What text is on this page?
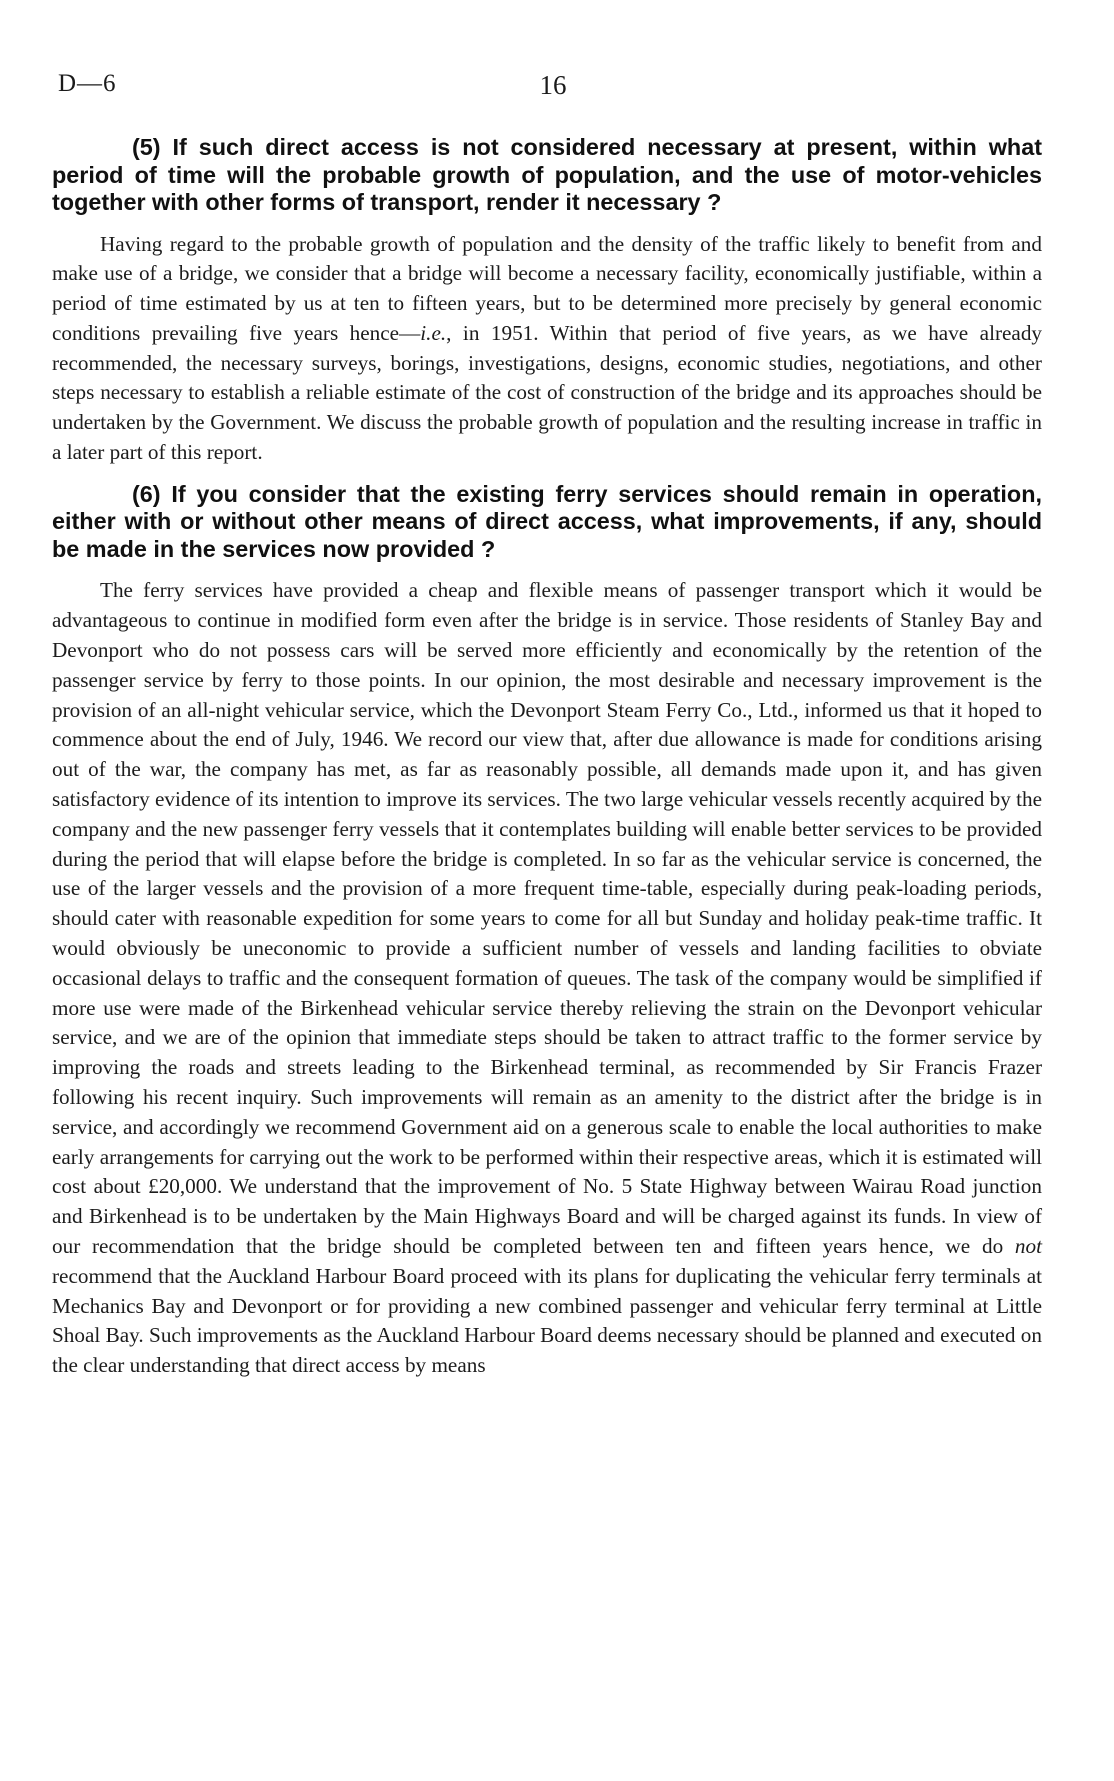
D—6	16

(5) If such direct access is not considered necessary at present, within what period of time will the probable growth of population, and the use of motor-vehicles together with other forms of transport, render it necessary ?

Having regard to the probable growth of population and the density of the traffic likely to benefit from and make use of a bridge, we consider that a bridge will become a necessary facility, economically justifiable, within a period of time estimated by us at ten to fifteen years, but to be determined more precisely by general economic conditions prevailing five years hence—i.e., in 1951. Within that period of five years, as we have already recommended, the necessary surveys, borings, investigations, designs, economic studies, negotiations, and other steps necessary to establish a reliable estimate of the cost of construction of the bridge and its approaches should be undertaken by the Government. We discuss the probable growth of population and the resulting increase in traffic in a later part of this report.

(6) If you consider that the existing ferry services should remain in operation, either with or without other means of direct access, what improvements, if any, should be made in the services now provided ?

The ferry services have provided a cheap and flexible means of passenger transport which it would be advantageous to continue in modified form even after the bridge is in service. Those residents of Stanley Bay and Devonport who do not possess cars will be served more efficiently and economically by the retention of the passenger service by ferry to those points. In our opinion, the most desirable and necessary improvement is the provision of an all-night vehicular service, which the Devonport Steam Ferry Co., Ltd., informed us that it hoped to commence about the end of July, 1946. We record our view that, after due allowance is made for conditions arising out of the war, the company has met, as far as reasonably possible, all demands made upon it, and has given satisfactory evidence of its intention to improve its services. The two large vehicular vessels recently acquired by the company and the new passenger ferry vessels that it contemplates building will enable better services to be provided during the period that will elapse before the bridge is completed. In so far as the vehicular service is concerned, the use of the larger vessels and the provision of a more frequent time-table, especially during peak-loading periods, should cater with reasonable expedition for some years to come for all but Sunday and holiday peak-time traffic. It would obviously be uneconomic to provide a sufficient number of vessels and landing facilities to obviate occasional delays to traffic and the consequent formation of queues. The task of the company would be simplified if more use were made of the Birkenhead vehicular service thereby relieving the strain on the Devonport vehicular service, and we are of the opinion that immediate steps should be taken to attract traffic to the former service by improving the roads and streets leading to the Birkenhead terminal, as recommended by Sir Francis Frazer following his recent inquiry. Such improvements will remain as an amenity to the district after the bridge is in service, and accordingly we recommend Government aid on a generous scale to enable the local authorities to make early arrangements for carrying out the work to be performed within their respective areas, which it is estimated will cost about £20,000. We understand that the improvement of No. 5 State Highway between Wairau Road junction and Birkenhead is to be undertaken by the Main Highways Board and will be charged against its funds. In view of our recommendation that the bridge should be completed between ten and fifteen years hence, we do not recommend that the Auckland Harbour Board proceed with its plans for duplicating the vehicular ferry terminals at Mechanics Bay and Devonport or for providing a new combined passenger and vehicular ferry terminal at Little Shoal Bay. Such improvements as the Auckland Harbour Board deems necessary should be planned and executed on the clear understanding that direct access by means
